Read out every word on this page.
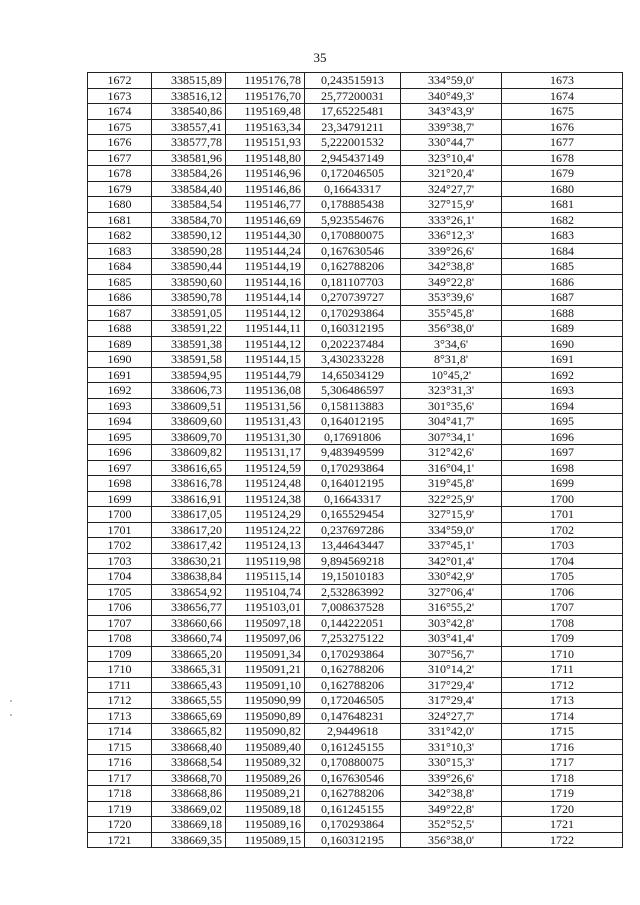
35
1672	338515,89	1195176,78	0,243515913	334°59,0'	1673
1673	338516,12	1195176,70	25,77200031	340°49,3'	1674
1674	338540,86	1195169,48	17,65225481	343°43,9'	1675
1675	338557,41	1195163,34	23,34791211	339°38,7'	1676
1676	338577,78	1195151,93	5,222001532	330°44,7'	1677
1677	338581,96	1195148,80	2,945437149	323°10,4'	1678
1678	338584,26	1195146,96	0,172046505	321°20,4'	1679
1679	338584,40	1195146,86	0,16643317	324°27,7'	1680
1680	338584,54	1195146,77	0,178885438	327°15,9'	1681
1681	338584,70	1195146,69	5,923554676	333°26,1'	1682
1682	338590,12	1195144,30	0,170880075	336°12,3'	1683
1683	338590,28	1195144,24	0,167630546	339°26,6'	1684
1684	338590,44	1195144,19	0,162788206	342°38,8'	1685
1685	338590,60	1195144,16	0,181107703	349°22,8'	1686
1686	338590,78	1195144,14	0,270739727	353°39,6'	1687
1687	338591,05	1195144,12	0,170293864	355°45,8'	1688
1688	338591,22	1195144,11	0,160312195	356°38,0'	1689
1689	338591,38	1195144,12	0,202237484	3°34,6'	1690
1690	338591,58	1195144,15	3,430233228	8°31,8'	1691
1691	338594,95	1195144,79	14,65034129	10°45,2'	1692
1692	338606,73	1195136,08	5,306486597	323°31,3'	1693
1693	338609,51	1195131,56	0,158113883	301°35,6'	1694
1694	338609,60	1195131,43	0,164012195	304°41,7'	1695
1695	338609,70	1195131,30	0,17691806	307°34,1'	1696
1696	338609,82	1195131,17	9,483949599	312°42,6'	1697
1697	338616,65	1195124,59	0,170293864	316°04,1'	1698
1698	338616,78	1195124,48	0,164012195	319°45,8'	1699
1699	338616,91	1195124,38	0,16643317	322°25,9'	1700
1700	338617,05	1195124,29	0,165529454	327°15,9'	1701
1701	338617,20	1195124,22	0,237697286	334°59,0'	1702
1702	338617,42	1195124,13	13,44643447	337°45,1'	1703
1703	338630,21	1195119,98	9,894569218	342°01,4'	1704
1704	338638,84	1195115,14	19,15010183	330°42,9'	1705
1705	338654,92	1195104,74	2,532863992	327°06,4'	1706
1706	338656,77	1195103,01	7,008637528	316°55,2'	1707
1707	338660,66	1195097,18	0,144222051	303°42,8'	1708
1708	338660,74	1195097,06	7,253275122	303°41,4'	1709
1709	338665,20	1195091,34	0,170293864	307°56,7'	1710
1710	338665,31	1195091,21	0,162788206	310°14,2'	1711
1711	338665,43	1195091,10	0,162788206	317°29,4'	1712
1712	338665,55	1195090,99	0,172046505	317°29,4'	1713
1713	338665,69	1195090,89	0,147648231	324°27,7'	1714
1714	338665,82	1195090,82	2,9449618	331°42,0'	1715
1715	338668,40	1195089,40	0,161245155	331°10,3'	1716
1716	338668,54	1195089,32	0,170880075	330°15,3'	1717
1717	338668,70	1195089,26	0,167630546	339°26,6'	1718
1718	338668,86	1195089,21	0,162788206	342°38,8'	1719
1719	338669,02	1195089,18	0,161245155	349°22,8'	1720
1720	338669,18	1195089,16	0,170293864	352°52,5'	1721
1721	338669,35	1195089,15	0,160312195	356°38,0'	1722
